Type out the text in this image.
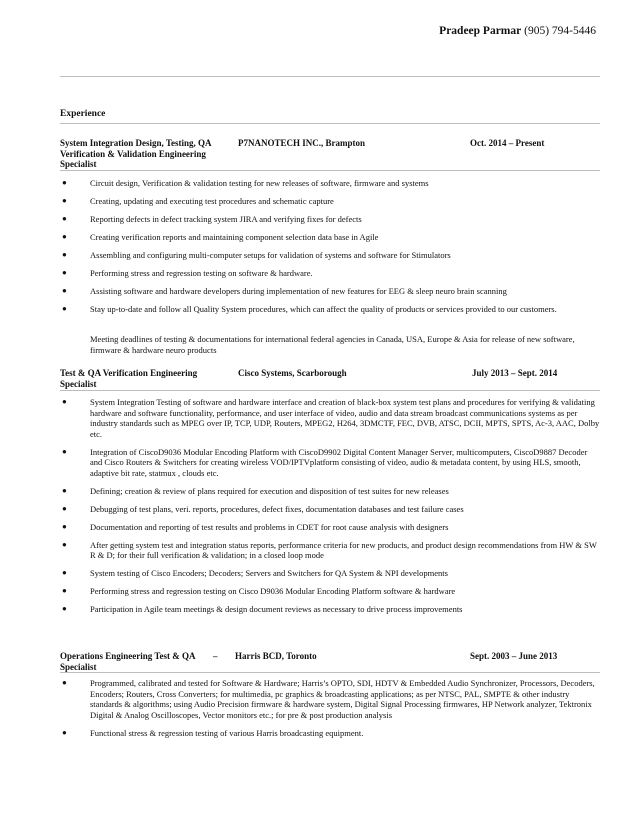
Pradeep Parmar (905) 794-5446
Experience
System Integration Design, Testing, QA Verification & Validation Engineering Specialist
P7NANOTECH INC., Brampton	Oct. 2014 – Present
●	Circuit design, Verification & validation testing for new releases of software, firmware and systems
●	Creating, updating and executing test procedures and schematic capture
●	Reporting defects in defect tracking system JIRA and verifying fixes for defects
●	Creating verification reports and maintaining component selection data base in Agile
●	Assembling and configuring multi-computer setups for validation of systems and software for Stimulators
●	Performing stress and regression testing on software & hardware.
●	Assisting software and hardware developers during implementation of new features for EEG & sleep neuro brain scanning
●	Stay up-to-date and follow all Quality System procedures, which can affect the quality of products or services provided to our customers.
Meeting deadlines of testing & documentations for international federal agencies in Canada, USA, Europe & Asia for release of new software, firmware & hardware neuro products
Test & QA Verification Engineering Specialist
Cisco Systems, Scarborough	July 2013 – Sept. 2014
●	System Integration Testing of software and hardware interface and creation of black-box system test plans and procedures for verifying & validating hardware and software functionality, performance, and user interface of video, audio and data stream broadcast communications systems as per industry standards such as MPEG over IP, TCP, UDP, Routers, MPEG2, H264, 3DMCTF, FEC, DVB, ATSC, DCII, MPTS, SPTS, Ac-3, AAC, Dolby etc.
●	Integration of CiscoD9036 Modular Encoding Platform with CiscoD9902 Digital Content Manager Server, multicomputers, CiscoD9887 Decoder and Cisco Routers & Switchers for creating wireless VOD/IPTVplatform consisting of video, audio & metadata content, by using HLS, smooth, adaptive bit rate, statmux , clouds etc.
●	Defining; creation & review of plans required for execution and disposition of test suites for new releases
●	Debugging of test plans, veri. reports, procedures, defect fixes, documentation databases and test failure cases
●	Documentation and reporting of test results and problems in CDET for root cause analysis with designers
●	After getting system test and integration status reports, performance criteria for new products, and product design recommendations from HW & SW R & D; for their full verification & validation; in a closed loop mode
●	System testing of Cisco Encoders; Decoders; Servers and Switchers for QA System & NPI developments
●	Performing stress and regression testing on Cisco D9036 Modular Encoding Platform software & hardware
●	Participation in Agile team meetings & design document reviews as necessary to drive process improvements
Operations Engineering Test & QA Specialist
– Harris BCD, Toronto	Sept. 2003 – June 2013
●	Programmed, calibrated and tested for Software & Hardware; Harris’s OPTO, SDI, HDTV & Embedded Audio Synchronizer, Processors, Decoders, Encoders; Routers, Cross Converters; for multimedia, pc graphics & broadcasting applications; as per NTSC, PAL, SMPTE & other industry standards & algorithms; using Audio Precision firmware & hardware system, Digital Signal Processing firmwares, HP Network analyzer, Tektronix Digital & Analog Oscilloscopes, Vector monitors etc.; for pre & post production analysis
●	Functional stress & regression testing of various Harris broadcasting equipment.
